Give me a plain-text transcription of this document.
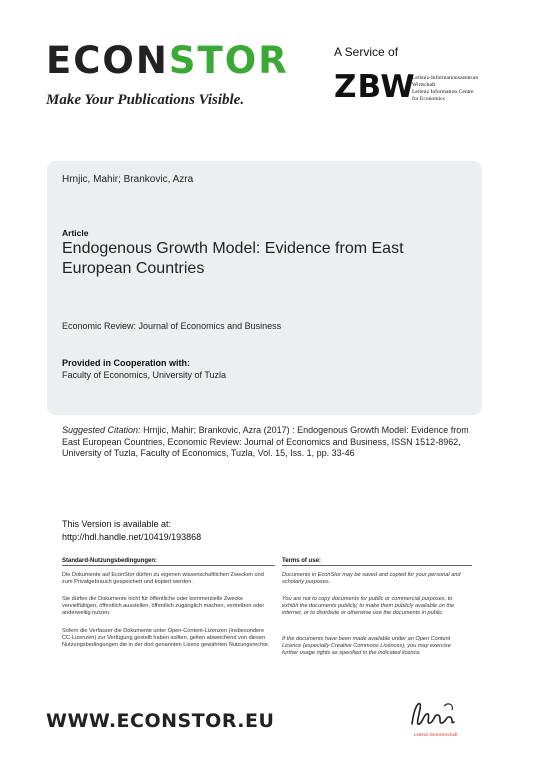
ECONSTOR
Make Your Publications Visible.
A Service of
ZBW
Leibniz-Informationszentrum
Wirtschaft
Leibniz Information Centre
for Economics
Hrnjic, Mahir; Brankovic, Azra
Article
Endogenous Growth Model: Evidence from East European Countries
Economic Review: Journal of Economics and Business
Provided in Cooperation with:
Faculty of Economics, University of Tuzla
Suggested Citation: Hrnjic, Mahir; Brankovic, Azra (2017) : Endogenous Growth Model: Evidence from East European Countries, Economic Review: Journal of Economics and Business, ISSN 1512-8962, University of Tuzla, Faculty of Economics, Tuzla, Vol. 15, Iss. 1, pp. 33-46
This Version is available at:
http://hdl.handle.net/10419/193868
Standard-Nutzungsbedingungen:
Die Dokumente auf EconStor dürfen zu eigenen wissenschaftlichen Zwecken und zum Privatgebrauch gespeichert und kopiert werden.
Sie dürfen die Dokumente nicht für öffentliche oder kommerzielle Zwecke vervielfältigen, öffentlich ausstellen, öffentlich zugänglich machen, vertreiben oder anderweitig nutzen.
Sofern die Verfasser die Dokumente unter Open-Content-Lizenzen (insbesondere CC-Lizenzen) zur Verfügung gestellt haben sollten, gelten abweichend von diesen Nutzungsbedingungen die in der dort genannten Lizenz gewährten Nutzungsrechte.
Terms of use:
Documents in EconStor may be saved and copied for your personal and scholarly purposes.
You are not to copy documents for public or commercial purposes, to exhibit the documents publicly, to make them publicly available on the internet, or to distribute or otherwise use the documents in public.
If the documents have been made available under an Open Content Licence (especially Creative Commons Licences), you may exercise further usage rights as specified in the indicated licence.
WWW.ECONSTOR.EU
Leibniz-Gemeinschaft
